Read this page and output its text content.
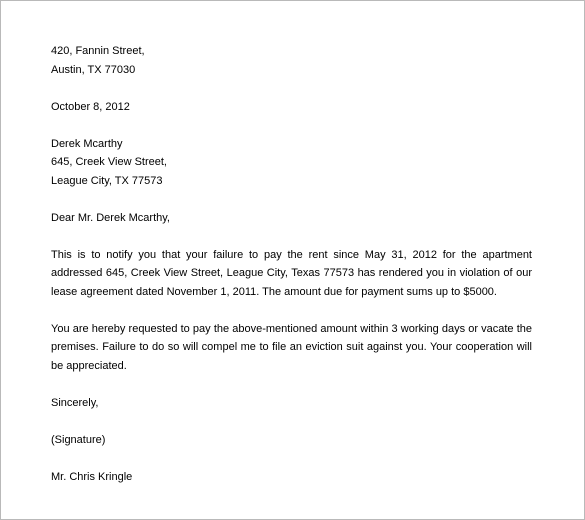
420, Fannin Street,
Austin, TX 77030
October 8, 2012
Derek Mcarthy
645, Creek View Street,
League City, TX 77573
Dear Mr. Derek Mcarthy,

This is to notify you that your failure to pay the rent since May 31, 2012 for the apartment addressed 645, Creek View Street, League City, Texas 77573 has rendered you in violation of our lease agreement dated November 1, 2011. The amount due for payment sums up to $5000.

You are hereby requested to pay the above-mentioned amount within 3 working days or vacate the premises. Failure to do so will compel me to file an eviction suit against you. Your cooperation will be appreciated.

Sincerely,
(Signature)
Mr. Chris Kringle
